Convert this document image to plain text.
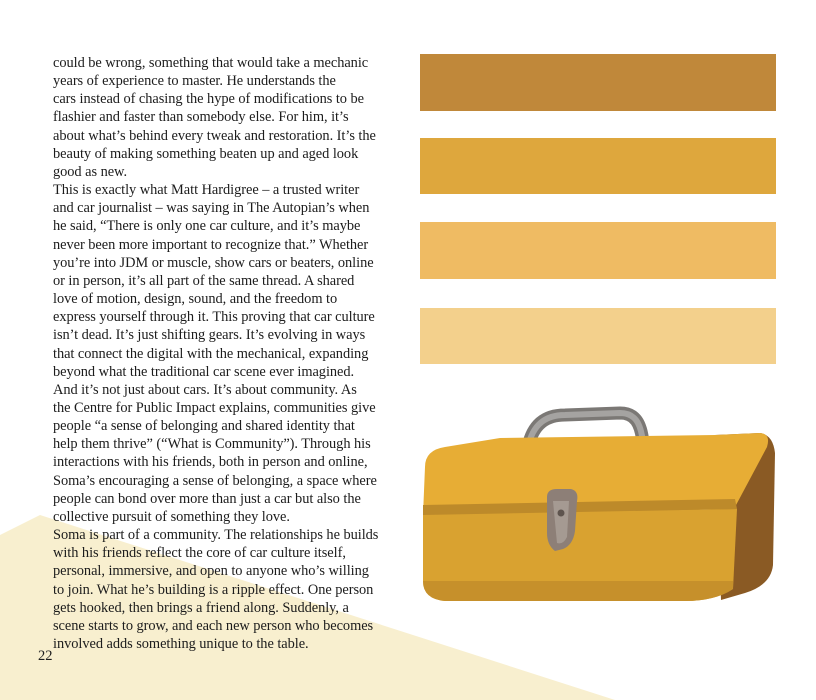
could be wrong, something that would take a mechanic
years of experience to master. He understands the
cars instead of chasing the hype of modifications to be
flashier and faster than somebody else. For him, it’s
about what’s behind every tweak and restoration. It’s the
beauty of making something beaten up and aged look
good as new.
This is exactly what Matt Hardigree – a trusted writer
and car journalist – was saying in The Autopian’s when
he said, “There is only one car culture, and it’s maybe
never been more important to recognize that.” Whether
you’re into JDM or muscle, show cars or beaters, online
or in person, it’s all part of the same thread. A shared
love of motion, design, sound, and the freedom to
express yourself through it. This proving that car culture
isn’t dead. It’s just shifting gears. It’s evolving in ways
that connect the digital with the mechanical, expanding
beyond what the traditional car scene ever imagined.
And it’s not just about cars. It’s about community. As
the Centre for Public Impact explains, communities give
people “a sense of belonging and shared identity that
help them thrive” (“What is Community”). Through his
interactions with his friends, both in person and online,
Soma’s encouraging a sense of belonging, a space where
people can bond over more than just a car but also the
collective pursuit of something they love.
Soma is part of a community. The relationships he builds
with his friends reflect the core of car culture itself,
personal, immersive, and open to anyone who’s willing
to join. What he’s building is a ripple effect. One person
gets hooked, then brings a friend along. Suddenly, a
scene starts to grow, and each new person who becomes
involved adds something unique to the table.
22
